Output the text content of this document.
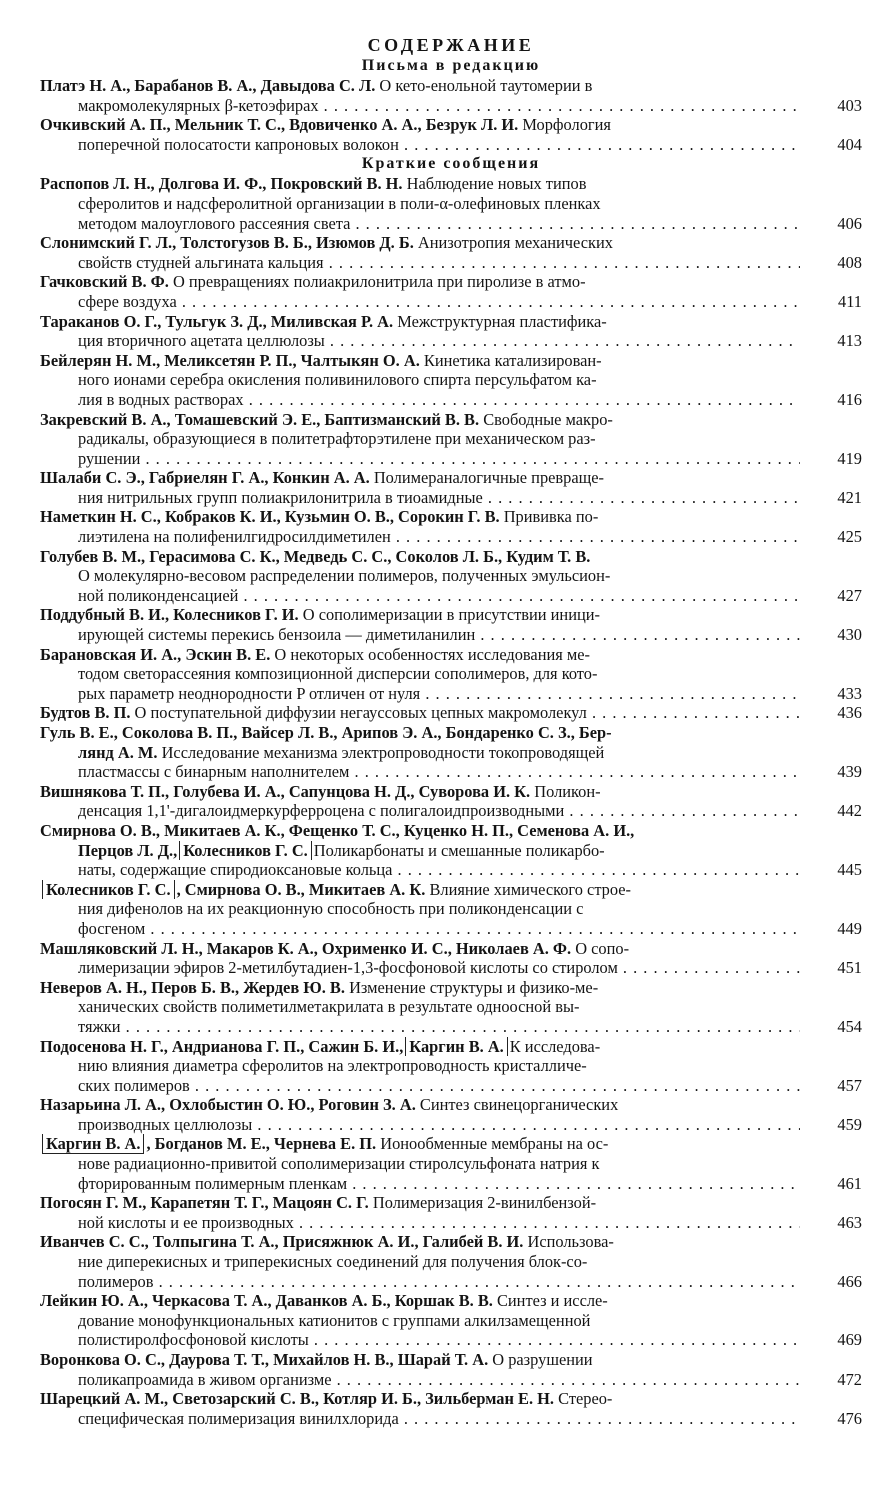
СОДЕРЖАНИЕ
Письма в редакцию
Платэ Н. А., Барабанов В. А., Давыдова С. Л. О кето-енольной таутомерии в
макромолекулярных β-кетоэфирах . . .	403
Очкивский А. П., Мельник Т. С., Вдовиченко А. А., Безрук Л. И. Морфология
поперечной полосатости капроновых волокон . . .	404
Краткие сообщения
Распопов Л. Н., Долгова И. Ф., Покровский В. Н. Наблюдение новых типов
сферолитов и надсферолитной организации в поли-α-олефиновых пленках
методом малоуглового рассеяния света . . .	406
Слонимский Г. Л., Толстогузов В. Б., Изюмов Д. Б. Анизотропия механических
свойств студней альгината кальция . . .	408
Гачковский В. Ф. О превращениях полиакрилонитрила при пиролизе в атмо-
сфере воздуха . . .	411
Тараканов О. Г., Тульгук З. Д., Миливская Р. А. Межструктурная пластифика-
ция вторичного ацетата целлюлозы . . .	413
Бейлерян Н. М., Меликсетян Р. П., Чалтыкян О. А. Кинетика катализирован-
ного ионами серебра окисления поливинилового спирта персульфатом ка-
лия в водных растворах . . .	416
Закревский В. А., Томашевский Э. Е., Баптизманский В. В. Свободные макро-
радикалы, образующиеся в политетрафторэтилене при механическом раз-
рушении . . .	419
Шалаби С. Э., Габриелян Г. А., Конкин А. А. Полимераналогичные превраще-
ния нитрильных групп полиакрилонитрила в тиоамидные . . .	421
Наметкин Н. С., Кобраков К. И., Кузьмин О. В., Сорокин Г. В. Прививка по-
лиэтилена на полифенилгидросилдиметилен . . .	425
Голубев В. М., Герасимова С. К., Медведь С. С., Соколов Л. Б., Кудим Т. В.
О молекулярно-весовом распределении полимеров, полученных эмульсион-
ной поликонденсацией . . .	427
Поддубный В. И., Колесников Г. И. О сополимеризации в присутствии иници-
ирующей системы перекись бензоила — диметиланилин . . .	430
Барановская И. А., Эскин В. Е. О некоторых особенностях исследования ме-
тодом светорассеяния композиционной дисперсии сополимеров, для кото-
рых параметр неоднородности P отличен от нуля . . .	433
Будтов В. П. О поступательной диффузии негауссовых цепных макромолекул . . .	436
Гуль В. Е., Соколова В. П., Вайсер Л. В., Арипов Э. А., Бондаренко С. З., Бер-
лянд А. М. Исследование механизма электропроводности токопроводящей
пластмассы с бинарным наполнителем . . .	439
Вишнякова Т. П., Голубева И. А., Сапунцова Н. Д., Суворова И. К. Поликон-
денсация 1,1'-дигалоидмеркурферроцена с полигалоидпроизводными . . .	442
Смирнова О. В., Микитаев А. К., Фещенко Т. С., Куценко Н. П., Семенова А. И.,
Перцов Л. Д., Колесников Г. С. Поликарбонаты и смешанные поликарбо-
наты, содержащие спиродиоксановые кольца . . .	445
Колесников Г. С. , Смирнова О. В., Микитаев А. К. Влияние химического строе-
ния дифенолов на их реакционную способность при поликонденсации с
фосгеном . . .	449
Машляковский Л. Н., Макаров К. А., Охрименко И. С., Николаев А. Ф. О сопо-
лимеризации эфиров 2-метилбутадиен-1,3-фосфоновой кислоты со стиролом . . .	451
Неверов А. Н., Перов Б. В., Жердев Ю. В. Изменение структуры и физико-ме-
ханических свойств полиметилметакрилата в результате одноосной вы-
тяжки . . .	454
Подосенова Н. Г., Андрианова Г. П., Сажин Б. И., Каргин В. А. К исследова-
нию влияния диаметра сферолитов на электропроводность кристалличе-
ских полимеров . . .	457
Назарьина Л. А., Охлобыстин О. Ю., Роговин З. А. Синтез свинецорганических
производных целлюлозы . . .	459
Каргин В. А. , Богданов М. Е., Чернева Е. П. Ионообменные мембраны на ос-
нове радиационно-привитой сополимеризации стиролсульфоната натрия к
фторированным полимерным пленкам . . .	461
Погосян Г. М., Карапетян Т. Г., Мацоян С. Г. Полимеризация 2-винилбензой-
ной кислоты и ее производных . . .	463
Иванчев С. С., Толпыгина Т. А., Присяжнюк А. И., Галибей В. И. Использова-
ние диперекисных и триперекисных соединений для получения блок-со-
полимеров . . .	466
Лейкин Ю. А., Черкасова Т. А., Даванков А. Б., Коршак В. В. Синтез и иссле-
дование монофункциональных катионитов с группами алкилзамещенной
полистиролфосфоновой кислоты . . .	469
Воронкова О. С., Даурова Т. Т., Михайлов Н. В., Шарай Т. А. О разрушении
поликапроамида в живом организме . . .	472
Шарецкий А. М., Светозарский С. В., Котляр И. Б., Зильберман Е. Н. Стерео-
специфическая полимеризация винилхлорида . . .	476
